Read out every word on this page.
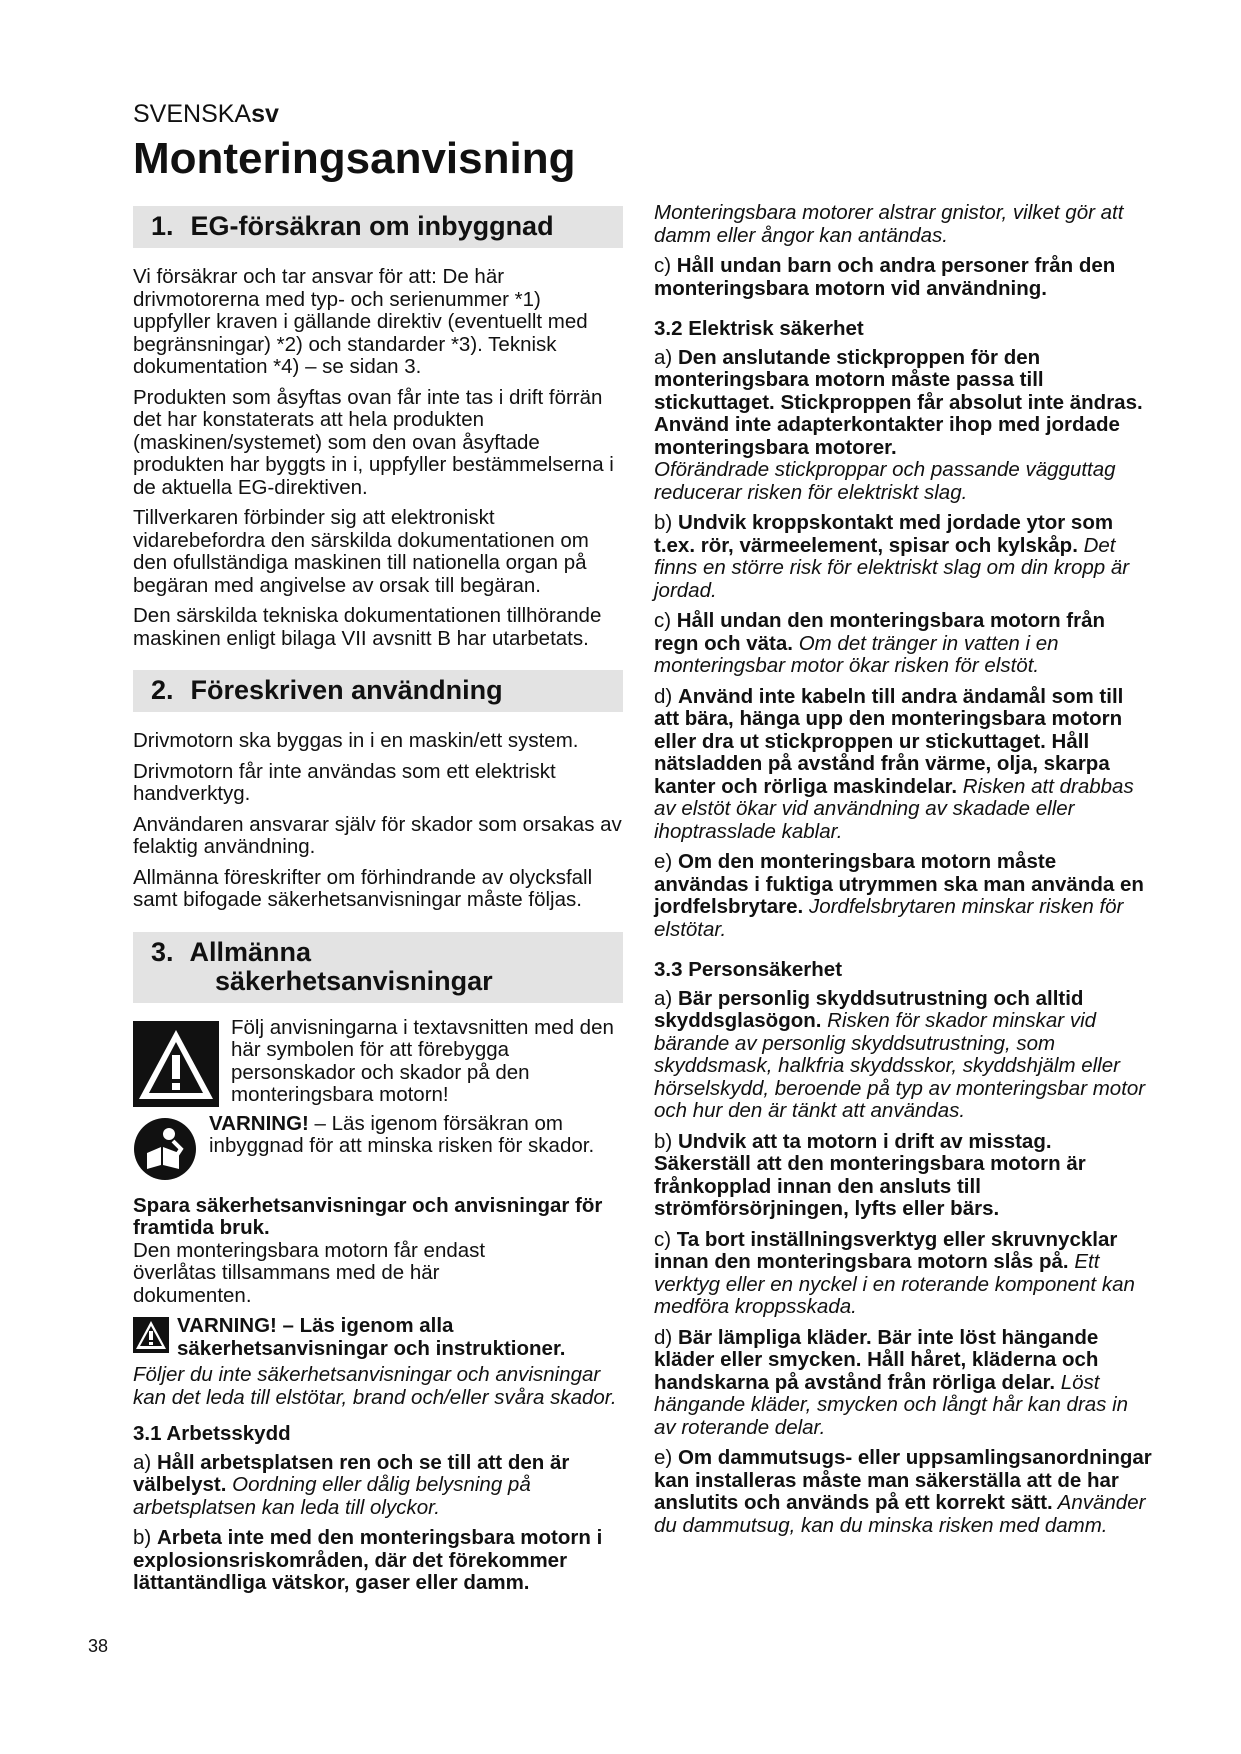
SVENSKAsv
Monteringsanvisning
1. EG-försäkran om inbyggnad

Vi försäkrar och tar ansvar för att: De här drivmotorerna med typ- och serienummer *1) uppfyller kraven i gällande direktiv (eventuellt med begränsningar) *2) och standarder *3). Teknisk dokumentation *4) – se sidan 3.

Produkten som åsyftas ovan får inte tas i drift förrän det har konstaterats att hela produkten (maskinen/systemet) som den ovan åsyftade produkten har byggts in i, uppfyller bestämmelserna i de aktuella EG-direktiven.

Tillverkaren förbinder sig att elektroniskt vidarebefordra den särskilda dokumentationen om den ofullständiga maskinen till nationella organ på begäran med angivelse av orsak till begäran.

Den särskilda tekniska dokumentationen tillhörande maskinen enligt bilaga VII avsnitt B har utarbetats.

2. Föreskriven användning

Drivmotorn ska byggas in i en maskin/ett system.

Drivmotorn får inte användas som ett elektriskt handverktyg.

Användaren ansvarar själv för skador som orsakas av felaktig användning.

Allmänna föreskrifter om förhindrande av olycksfall samt bifogade säkerhetsanvisningar måste följas.

3. Allmänna
säkerhetsanvisningar
Följ anvisningarna i textavsnitten med den här symbolen för att förebygga personskador och skador på den monteringsbara motorn!
VARNING! – Läs igenom försäkran om inbyggnad för att minska risken för skador.

Spara säkerhetsanvisningar och anvisningar för framtida bruk.

Den monteringsbara motorn får endast överlåtas tillsammans med de här dokumenten.

VARNING! – Läs igenom alla säkerhetsanvisningar och instruktioner.

Följer du inte säkerhetsanvisningar och anvisningar kan det leda till elstötar, brand och/eller svåra skador.

3.1 Arbetsskydd

a) Håll arbetsplatsen ren och se till att den är välbelyst. Oordning eller dålig belysning på arbetsplatsen kan leda till olyckor.

b) Arbeta inte med den monteringsbara motorn i explosionsriskområden, där det förekommer lättantändliga vätskor, gaser eller damm.

Monteringsbara motorer alstrar gnistor, vilket gör att damm eller ångor kan antändas.

c) Håll undan barn och andra personer från den monteringsbara motorn vid användning.

3.2 Elektrisk säkerhet

a) Den anslutande stickproppen för den monteringsbara motorn måste passa till stickuttaget. Stickproppen får absolut inte ändras. Använd inte adapterkontakter ihop med jordade monteringsbara motorer.

Oförändrade stickproppar och passande vägguttag reducerar risken för elektriskt slag.

b) Undvik kroppskontakt med jordade ytor som t.ex. rör, värmeelement, spisar och kylskåp. Det finns en större risk för elektriskt slag om din kropp är jordad.

c) Håll undan den monteringsbara motorn från regn och väta. Om det tränger in vatten i en monteringsbar motor ökar risken för elstöt.

d) Använd inte kabeln till andra ändamål som till att bära, hänga upp den monteringsbara motorn eller dra ut stickproppen ur stickuttaget. Håll nätsladden på avstånd från värme, olja, skarpa kanter och rörliga maskindelar. Risken att drabbas av elstöt ökar vid användning av skadade eller ihoptrasslade kablar.

e) Om den monteringsbara motorn måste användas i fuktiga utrymmen ska man använda en jordfelsbrytare. Jordfelsbrytaren minskar risken för elstötar.

3.3 Personsäkerhet

a) Bär personlig skyddsutrustning och alltid skyddsglasögon. Risken för skador minskar vid bärande av personlig skyddsutrustning, som skyddsmask, halkfria skyddsskor, skyddshjälm eller hörselskydd, beroende på typ av monteringsbar motor och hur den är tänkt att användas.

b) Undvik att ta motorn i drift av misstag. Säkerställ att den monteringsbara motorn är frånkopplad innan den ansluts till strömförsörjningen, lyfts eller bärs.

c) Ta bort inställningsverktyg eller skruvnycklar innan den monteringsbara motorn slås på. Ett verktyg eller en nyckel i en roterande komponent kan medföra kroppsskada.

d) Bär lämpliga kläder. Bär inte löst hängande kläder eller smycken. Håll håret, kläderna och handskarna på avstånd från rörliga delar. Löst hängande kläder, smycken och långt hår kan dras in av roterande delar.

e) Om dammutsugs- eller uppsamlingsanordningar kan installeras måste man säkerställa att de har anslutits och används på ett korrekt sätt. Använder du dammutsug, kan du minska risken med damm.

38
